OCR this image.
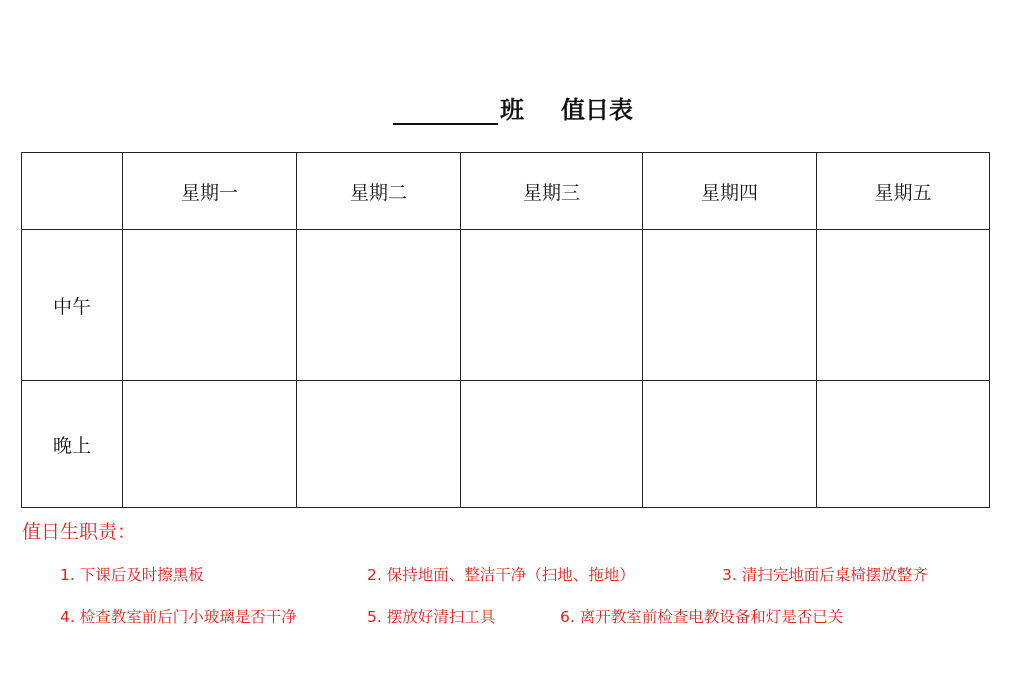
班 值日表
	星期一	星期二	星期三	星期四	星期五
中午					
晚上					
值日生职责：
1. 下课后及时擦黑板	2. 保持地面、整洁干净（扫地、拖地）	3. 清扫完地面后桌椅摆放整齐
4. 检查教室前后门小玻璃是否干净	5. 摆放好清扫工具	6. 离开教室前检查电教设备和灯是否已关
